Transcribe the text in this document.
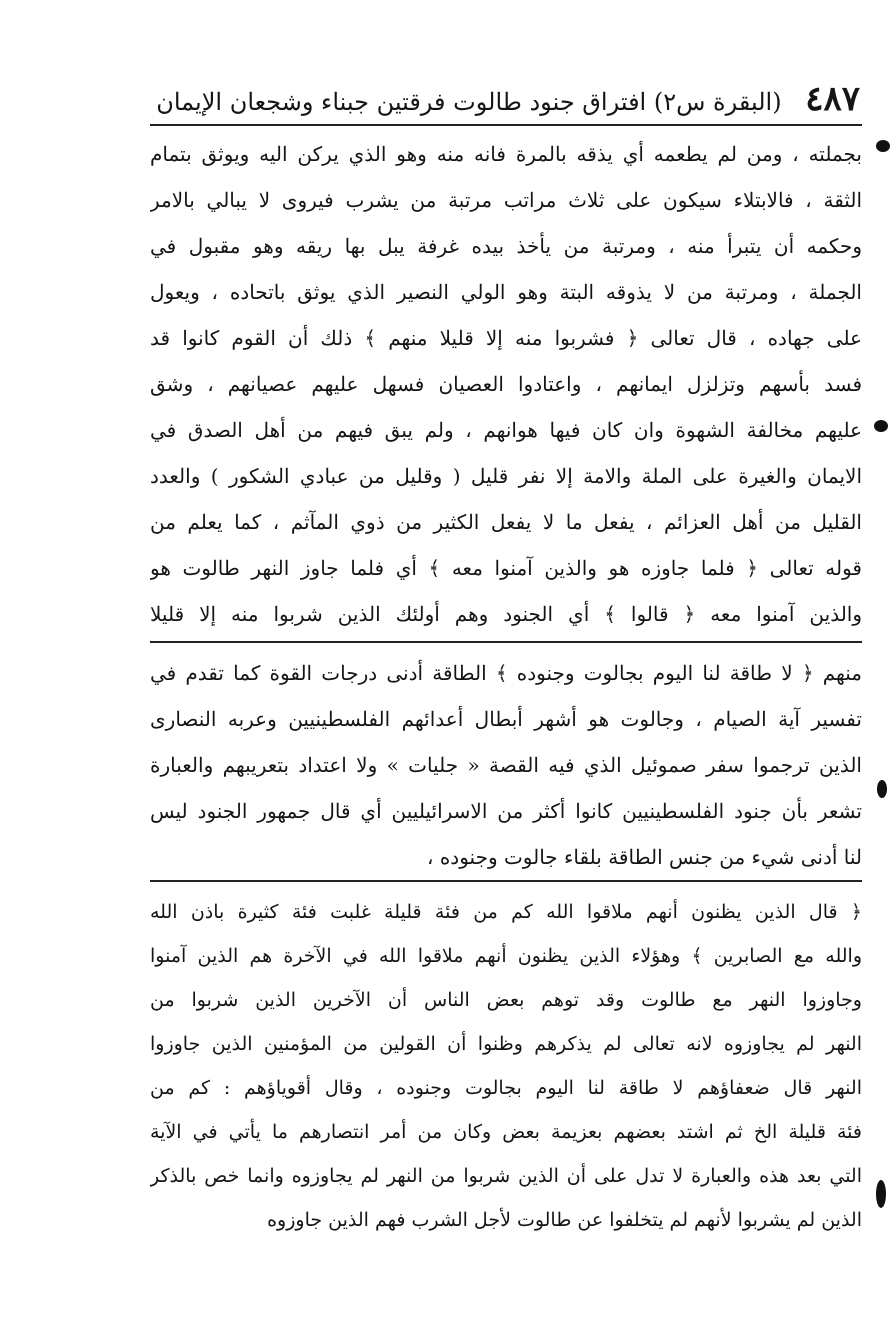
٤٨٧ (البقرة س٢) افتراق جنود طالوت فرقتين جبناء وشجعان الإيمان
بجملته ، ومن لم يطعمه أي يذقه بالمرة فانه منه وهو الذي يركن اليه ويوثق بتمام
الثقة ، فالابتلاء سيكون على ثلاث مراتب مرتبة من يشرب فيروى لا يبالي بالامر
وحكمه أن يتبرأ منه ، ومرتبة من يأخذ بيده غرفة يبل بها ريقه وهو مقبول في
الجملة ، ومرتبة من لا يذوقه البتة وهو الولي النصير الذي يوثق باتحاده ، ويعول
على جهاده ، قال تعالى ﴿ فشربوا منه إلا قليلا منهم ﴾ ذلك أن القوم كانوا قد
فسد بأسهم وتزلزل ايمانهم ، واعتادوا العصيان فسهل عليهم عصيانهم ، وشق
عليهم مخالفة الشهوة وان كان فيها هوانهم ، ولم يبق فيهم من أهل الصدق في
الايمان والغيرة على الملة والامة إلا نفر قليل ( وقليل من عبادي الشكور ) والعدد
القليل من أهل العزائم ، يفعل ما لا يفعل الكثير من ذوي المآثم ، كما يعلم من
قوله تعالى ﴿ فلما جاوزه هو والذين آمنوا معه ﴾ أي فلما جاوز النهر طالوت هو
والذين آمنوا معه ﴿ قالوا ﴾ أي الجنود وهم أولئك الذين شربوا منه إلا قليلا
منهم ﴿ لا طاقة لنا اليوم بجالوت وجنوده ﴾ الطاقة أدنى درجات القوة كما تقدم في
تفسير آية الصيام ، وجالوت هو أشهر أبطال أعدائهم الفلسطينيين وعربه النصارى
الذين ترجموا سفر صموئيل الذي فيه القصة « جليات » ولا اعتداد بتعريبهم والعبارة
تشعر بأن جنود الفلسطينيين كانوا أكثر من الاسرائيليين أي قال جمهور الجنود ليس
لنا أدنى شيء من جنس الطاقة بلقاء جالوت وجنوده ،
﴿ قال الذين يظنون أنهم ملاقوا الله كم من فئة قليلة غلبت فئة كثيرة باذن الله
والله مع الصابرين ﴾ وهؤلاء الذين يظنون أنهم ملاقوا الله في الآخرة هم الذين آمنوا
وجاوزوا النهر مع طالوت وقد توهم بعض الناس أن الآخرين الذين شربوا من
النهر لم يجاوزوه لانه تعالى لم يذكرهم وظنوا أن القولين من المؤمنين الذين جاوزوا
النهر قال ضعفاؤهم لا طاقة لنا اليوم بجالوت وجنوده ، وقال أقوياؤهم : كم من
فئة قليلة الخ ثم اشتد بعضهم بعزيمة بعض وكان من أمر انتصارهم ما يأتي في الآية
التي بعد هذه والعبارة لا تدل على أن الذين شربوا من النهر لم يجاوزوه وانما خص بالذكر
الذين لم يشربوا لأنهم لم يتخلفوا عن طالوت لأجل الشرب فهم الذين جاوزوه
